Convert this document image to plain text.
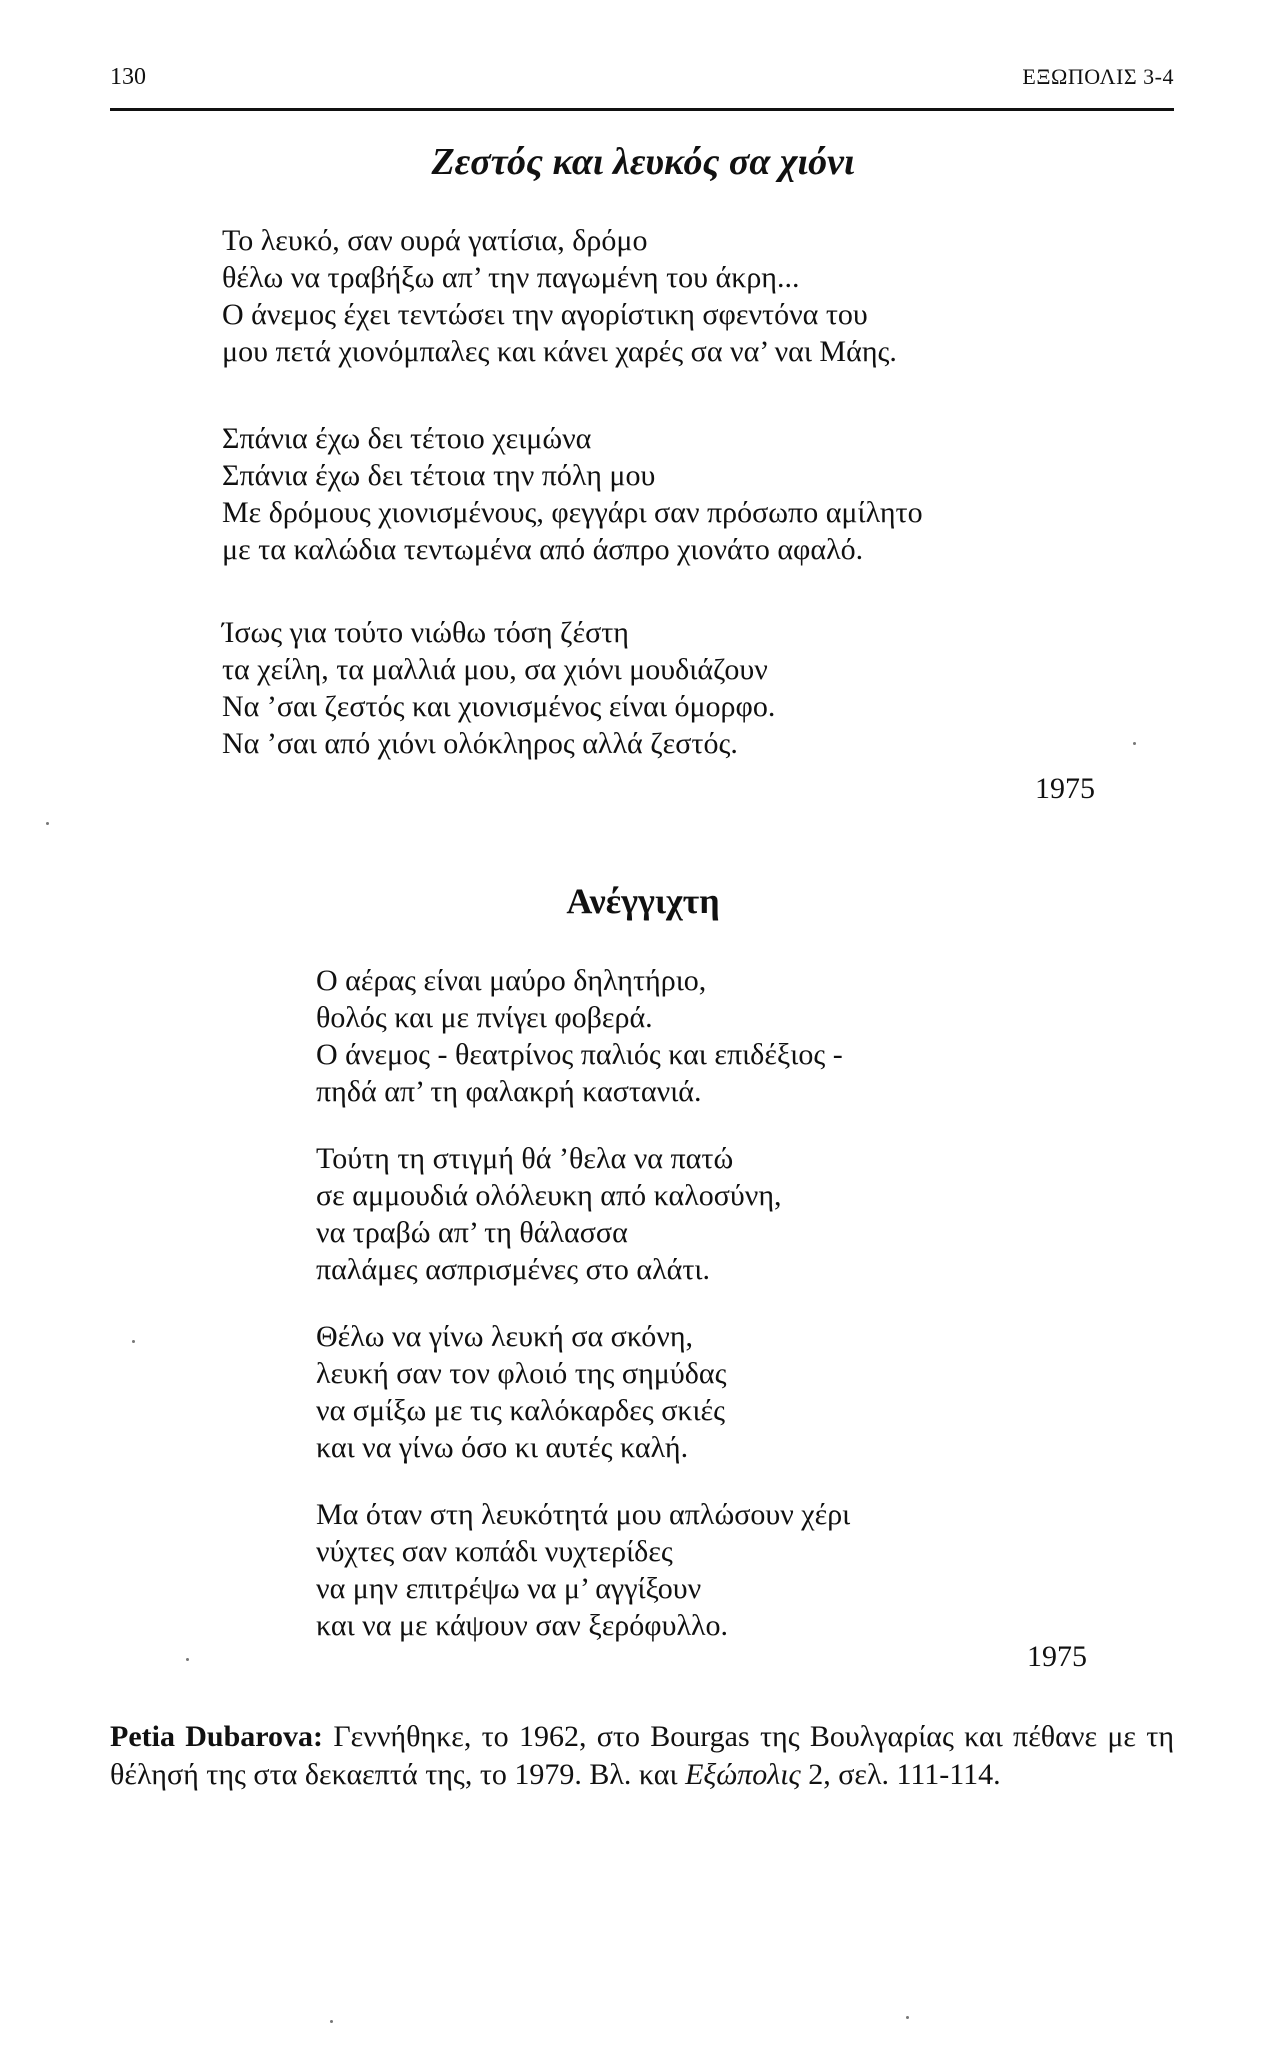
130	ΕΞΩΠΟΛΙΣ 3-4
Ζεστός και λευκός σα χιόνι
Το λευκό, σαν ουρά γατίσια, δρόμο
θέλω να τραβήξω απ’ την παγωμένη του άκρη...
Ο άνεμος έχει τεντώσει την αγορίστικη σφεντόνα του
μου πετά χιονόμπαλες και κάνει χαρές σα να’ ναι Μάης.
Σπάνια έχω δει τέτοιο χειμώνα
Σπάνια έχω δει τέτοια την πόλη μου
Με δρόμους χιονισμένους, φεγγάρι σαν πρόσωπο αμίλητο
με τα καλώδια τεντωμένα από άσπρο χιονάτο αφαλό.
Ίσως για τούτο νιώθω τόση ζέστη
τα χείλη, τα μαλλιά μου, σα χιόνι μουδιάζουν
Να ’σαι ζεστός και χιονισμένος είναι όμορφο.
Να ’σαι από χιόνι ολόκληρος αλλά ζεστός.
1975
Ανέγγιχτη
Ο αέρας είναι μαύρο δηλητήριο,
θολός και με πνίγει φοβερά.
Ο άνεμος - θεατρίνος παλιός και επιδέξιος -
πηδά απ’ τη φαλακρή καστανιά.
Τούτη τη στιγμή θά ’θελα να πατώ
σε αμμουδιά ολόλευκη από καλοσύνη,
να τραβώ απ’ τη θάλασσα
παλάμες ασπρισμένες στο αλάτι.
Θέλω να γίνω λευκή σα σκόνη,
λευκή σαν τον φλοιό της σημύδας
να σμίξω με τις καλόκαρδες σκιές
και να γίνω όσο κι αυτές καλή.
Μα όταν στη λευκότητά μου απλώσουν χέρι
νύχτες σαν κοπάδι νυχτερίδες
να μην επιτρέψω να μ’ αγγίξουν
και να με κάψουν σαν ξερόφυλλο.
1975
Petia Dubarova: Γεννήθηκε, το 1962, στο Bourgas της Βουλγαρίας και πέθανε με τη θέλησή της στα δεκαεπτά της, το 1979. Βλ. και Εξώπολις 2, σελ. 111-114.
